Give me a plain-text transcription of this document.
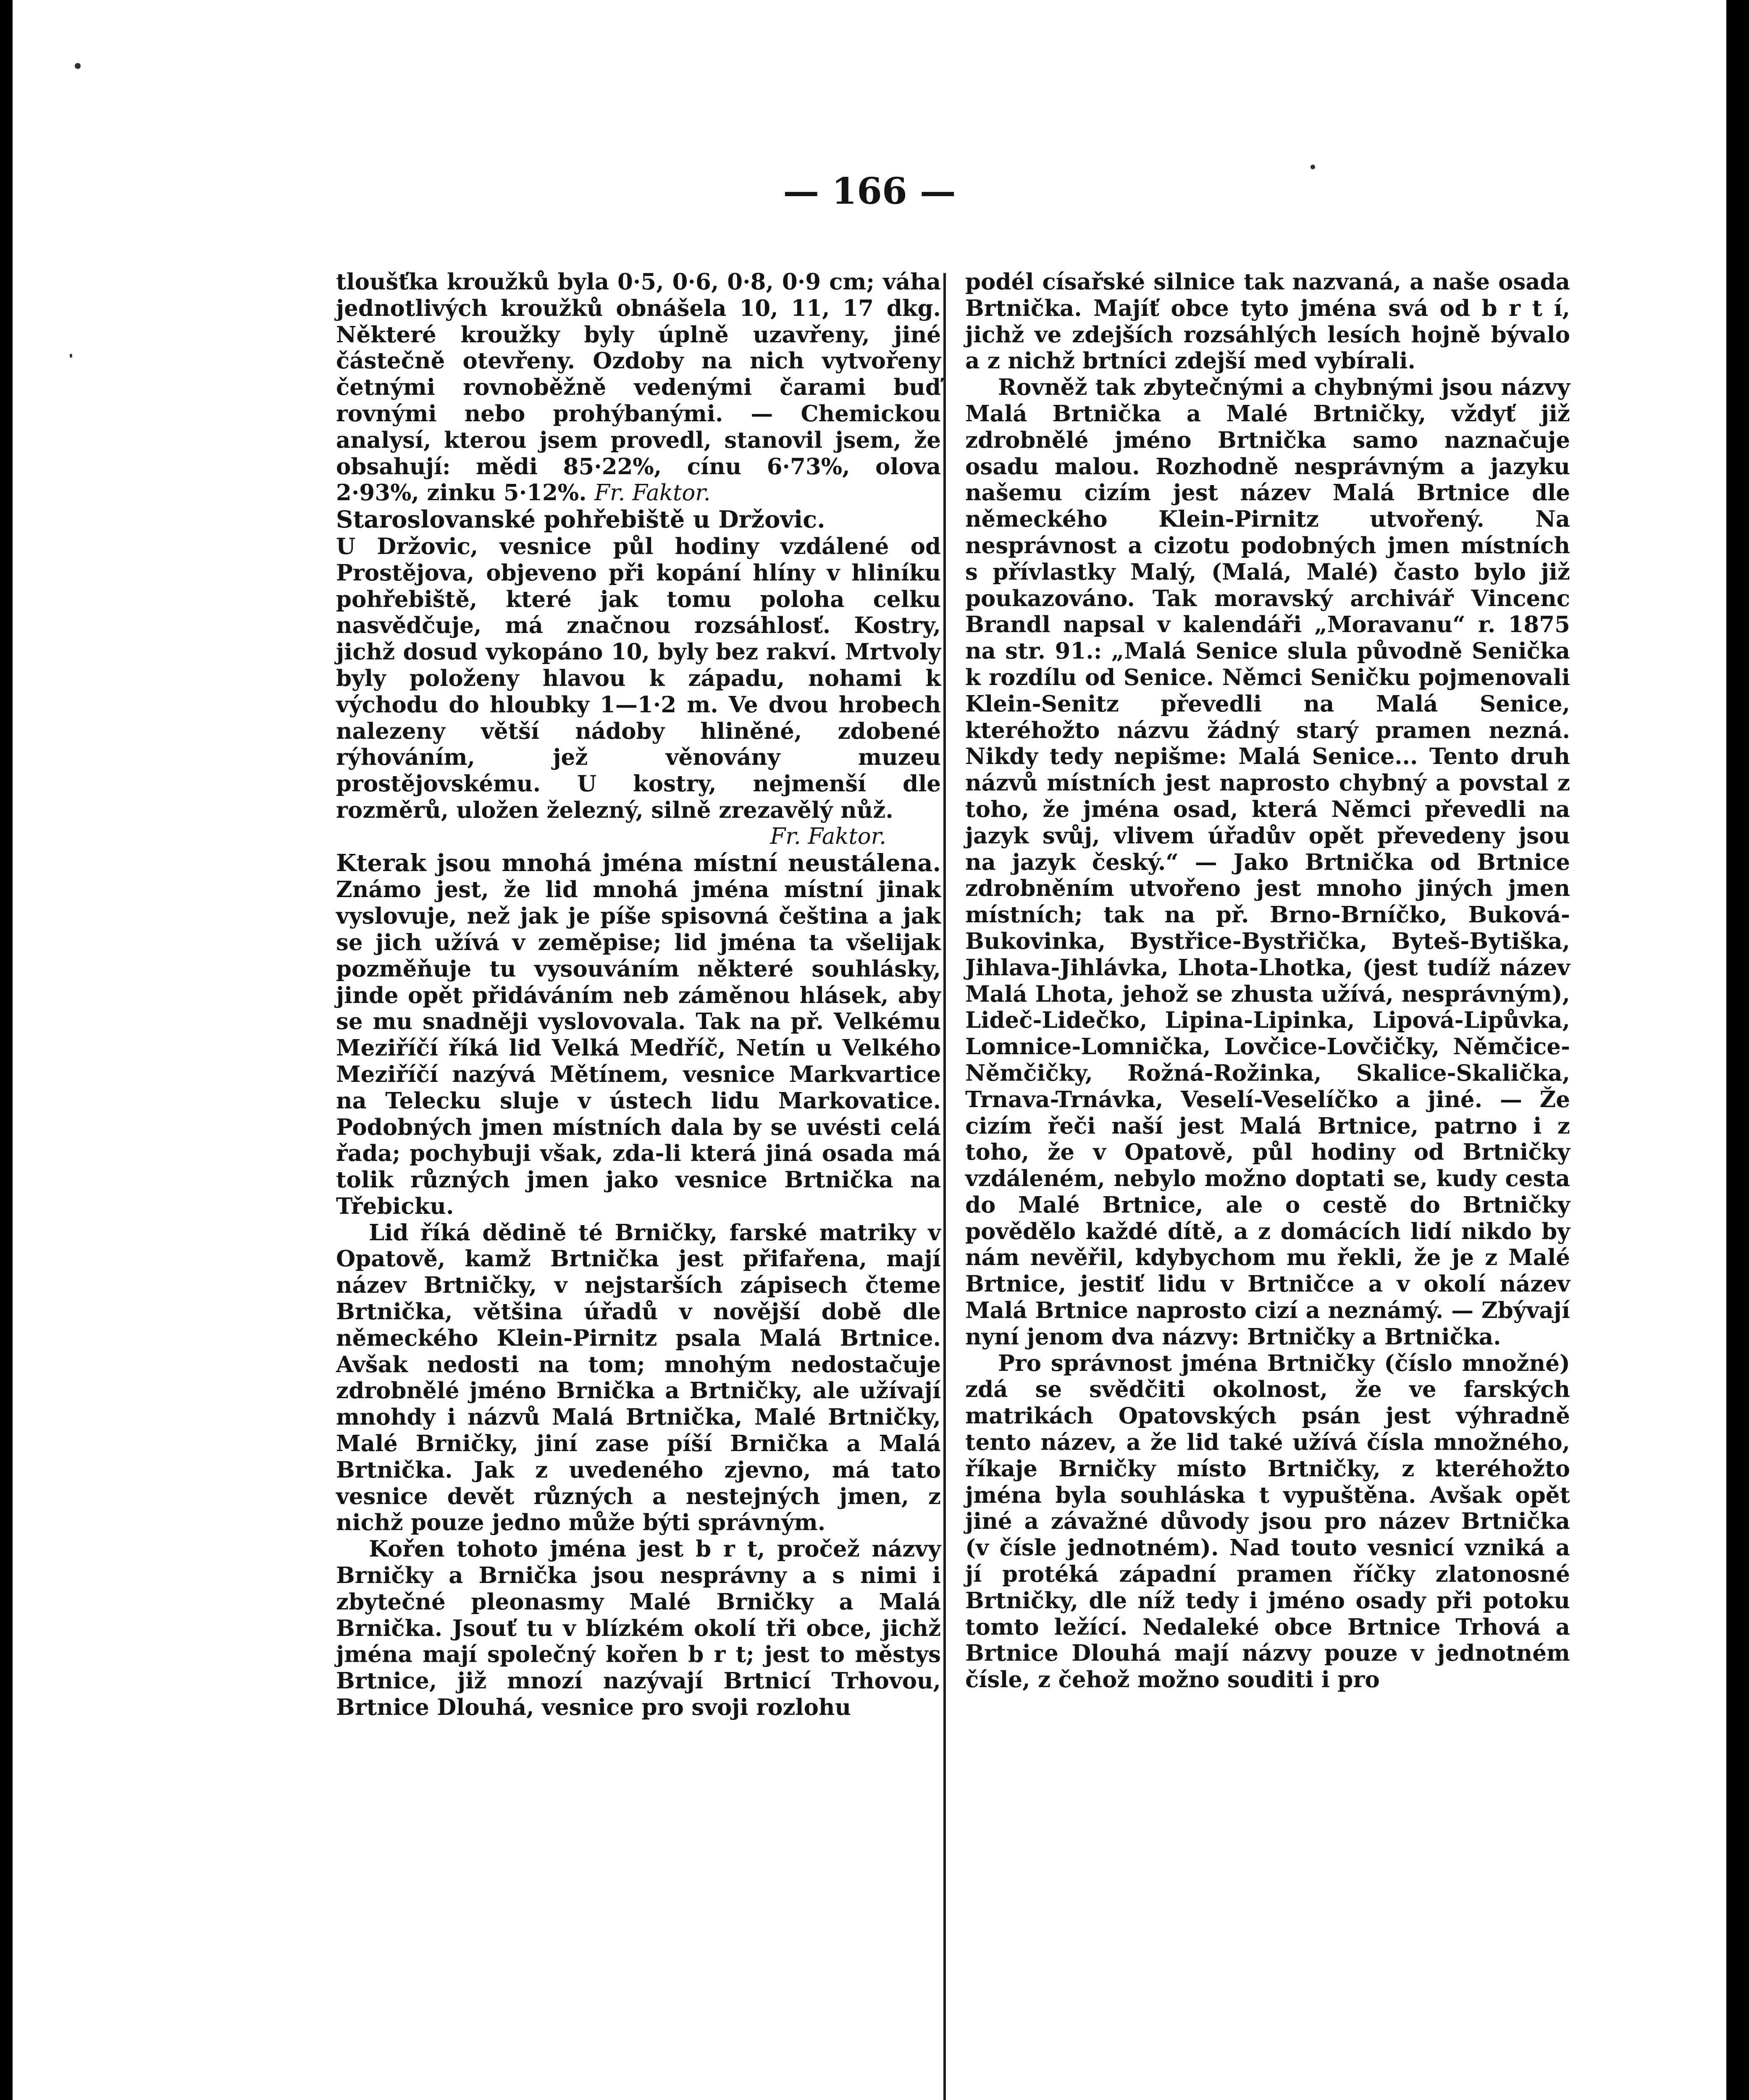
— 166 —

tloušťka kroužků byla 0·5, 0·6, 0·8, 0·9 cm; váha jednotlivých kroužků obnášela 10, 11, 17 dkg. Některé kroužky byly úplně uzavřeny, jiné částečně otevřeny. Ozdoby na nich vytvořeny četnými rovnoběžně vedenými čarami buď rovnými nebo prohýbanými. — Chemickou analysí, kterou jsem provedl, stanovil jsem, že obsahují: mědi 85·22%, cínu 6·73%, olova 2·93%, zinku 5·12%. Fr. Faktor.

Staroslovanské pohřebiště u Držovic.

U Držovic, vesnice půl hodiny vzdálené od Prostějova, objeveno při kopání hlíny v hliníku pohřebiště, které jak tomu poloha celku nasvědčuje, má značnou rozsáhlosť. Kostry, jichž dosud vykopáno 10, byly bez rakví. Mrtvoly byly položeny hlavou k západu, nohami k východu do hloubky 1—1·2 m. Ve dvou hrobech nalezeny větší nádoby hliněné, zdobené rýhováním, jež věnovány muzeu prostějovskému. U kostry, nejmenší dle rozměrů, uložen železný, silně zrezavělý nůž.

Fr. Faktor.

Kterak jsou mnohá jména místní neustálena. Známo jest, že lid mnohá jména místní jinak vyslovuje, než jak je píše spisovná čeština a jak se jich užívá v zeměpise; lid jména ta všelijak pozměňuje tu vysouváním některé souhlásky, jinde opět přidáváním neb záměnou hlásek, aby se mu snadněji vyslovovala. Tak na př. Velkému Meziříčí říká lid Velká Medříč, Netín u Velkého Meziříčí nazývá Mětínem, vesnice Markvartice na Telecku sluje v ústech lidu Markovatice. Podobných jmen místních dala by se uvésti celá řada; pochybuji však, zda-li která jiná osada má tolik různých jmen jako vesnice Brtnička na Třebicku.

Lid říká dědině té Brničky, farské matriky v Opatově, kamž Brtnička jest přifařena, mají název Brtničky, v nejstarších zápisech čteme Brtnička, většina úřadů v novější době dle německého Klein-Pirnitz psala Malá Brtnice. Avšak nedosti na tom; mnohým nedostačuje zdrobnělé jméno Brnička a Brtničky, ale užívají mnohdy i názvů Malá Brtnička, Malé Brtničky, Malé Brničky, jiní zase píší Brnička a Malá Brtnička. Jak z uvedeného zjevno, má tato vesnice devět různých a nestejných jmen, z nichž pouze jedno může býti správným.

Kořen tohoto jména jest b r t, pročež názvy Brničky a Brnička jsou nesprávny a s nimi i zbytečné pleonasmy Malé Brničky a Malá Brnička. Jsouť tu v blízkém okolí tři obce, jichž jména mají společný kořen b r t; jest to městys Brtnice, již mnozí nazývají Brtnicí Trhovou, Brtnice Dlouhá, vesnice pro svoji rozlohu

podél císařské silnice tak nazvaná, a naše osada Brtnička. Majíť obce tyto jména svá od b r t í, jichž ve zdejších rozsáhlých lesích hojně bývalo a z nichž brtníci zdejší med vybírali.

Rovněž tak zbytečnými a chybnými jsou názvy Malá Brtnička a Malé Brtničky, vždyť již zdrobnělé jméno Brtnička samo naznačuje osadu malou. Rozhodně nesprávným a jazyku našemu cizím jest název Malá Brtnice dle německého Klein-Pirnitz utvořený. Na nesprávnost a cizotu podobných jmen místních s přívlastky Malý, (Malá, Malé) často bylo již poukazováno. Tak moravský archivář Vincenc Brandl napsal v kalendáři „Moravanu“ r. 1875 na str. 91.: „Malá Senice slula původně Senička k rozdílu od Senice. Němci Seničku pojmenovali Klein-Senitz převedli na Malá Senice, kteréhožto názvu žádný starý pramen nezná. Nikdy tedy nepišme: Malá Senice... Tento druh názvů místních jest naprosto chybný a povstal z toho, že jména osad, která Němci převedli na jazyk svůj, vlivem úřadův opět převedeny jsou na jazyk český.“ — Jako Brtnička od Brtnice zdrobněním utvořeno jest mnoho jiných jmen místních; tak na př. Brno-Brníčko, Buková-Bukovinka, Bystřice-Bystřička, Byteš-Bytiška, Jihlava-Jihlávka, Lhota-Lhotka, (jest tudíž název Malá Lhota, jehož se zhusta užívá, nesprávným), Lideč-Lidečko, Lipina-Lipinka, Lipová-Lipůvka, Lomnice-Lomnička, Lovčice-Lovčičky, Němčice-Němčičky, Rožná-Rožinka, Skalice-Skalička, Trnava-Trnávka, Veselí-Veselíčko a jiné. — Že cizím řeči naší jest Malá Brtnice, patrno i z toho, že v Opatově, půl hodiny od Brtničky vzdáleném, nebylo možno doptati se, kudy cesta do Malé Brtnice, ale o cestě do Brtničky povědělo každé dítě, a z domácích lidí nikdo by nám nevěřil, kdybychom mu řekli, že je z Malé Brtnice, jestiť lidu v Brtničce a v okolí název Malá Brtnice naprosto cizí a neznámý. — Zbývají nyní jenom dva názvy: Brtničky a Brtnička.

Pro správnost jména Brtničky (číslo množné) zdá se svědčiti okolnost, že ve farských matrikách Opatovských psán jest výhradně tento název, a že lid také užívá čísla množného, říkaje Brničky místo Brtničky, z kteréhožto jména byla souhláska t vypuštěna. Avšak opět jiné a závažné důvody jsou pro název Brtnička (v čísle jednotném). Nad touto vesnicí vzniká a jí protéká západní pramen říčky zlatonosné Brtničky, dle níž tedy i jméno osady při potoku tomto ležící. Nedaleké obce Brtnice Trhová a Brtnice Dlouhá mají názvy pouze v jednotném čísle, z čehož možno souditi i pro
